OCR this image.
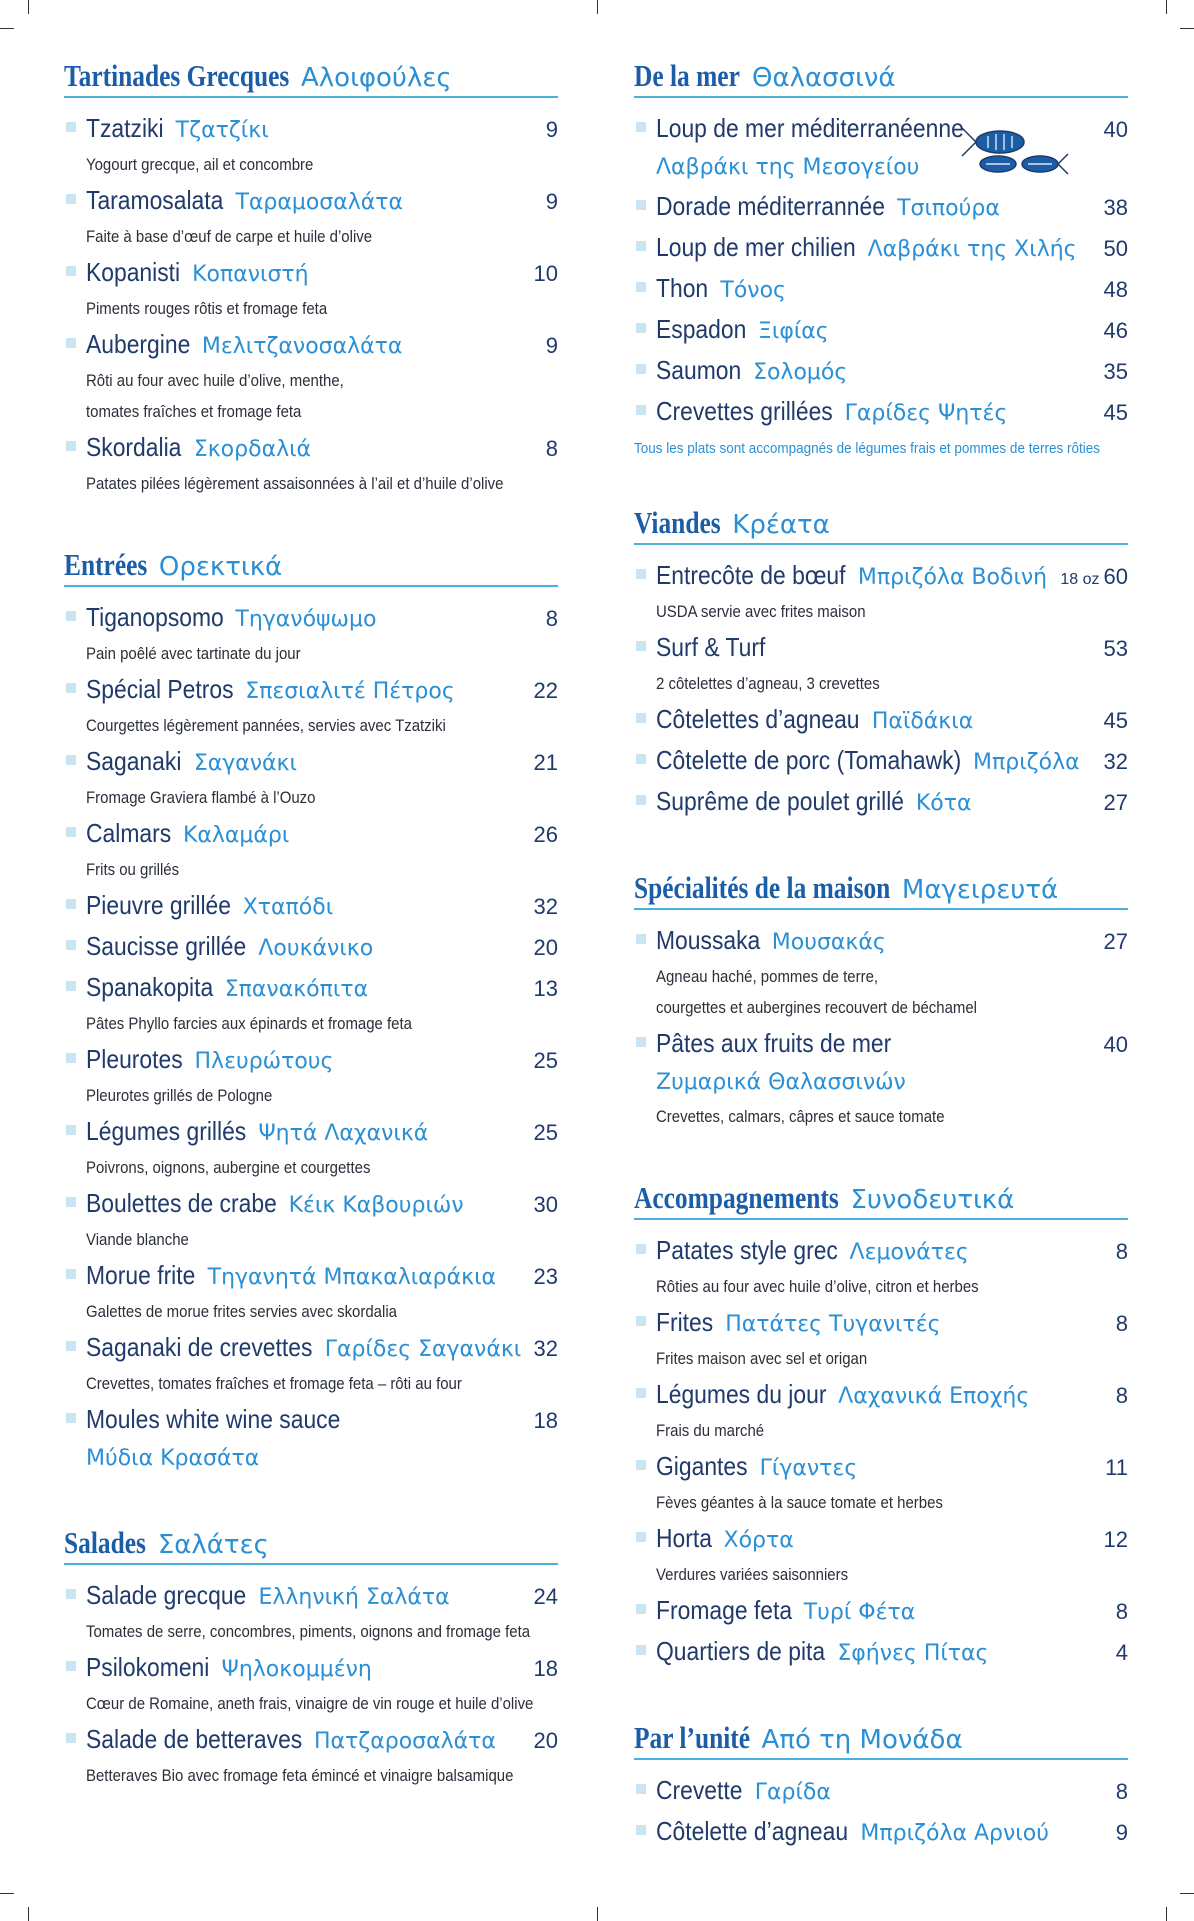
Tartinades Grecques Αλοιφούλες
Tzatziki Τζατζίκι	9
Yogourt grecque, ail et concombre
Taramosalata Ταραμοσαλάτα	9
Faite à base d’œuf de carpe et huile d’olive
Kopanisti Κοπανιστή	10
Piments rouges rôtis et fromage feta
Aubergine Μελιτζανοσαλάτα	9
Rôti au four avec huile d’olive, menthe,
tomates fraîches et fromage feta
Skordalia Σκορδαλιά	8
Patates pilées légèrement assaisonnées à l’ail et d’huile d’olive
Entrées Ορεκτικά
Tiganopsomo Τηγανόψωμο	8
Pain poêlé avec tartinate du jour
Spécial Petros Σπεσιαλιτέ Πέτρος	22
Courgettes légèrement pannées, servies avec Tzatziki
Saganaki Σαγανάκι	21
Fromage Graviera flambé à l’Ouzo
Calmars Καλαμάρι	26
Frits ou grillés
Pieuvre grillée Χταπόδι	32
Saucisse grillée Λουκάνικο	20
Spanakopita Σπανακόπιτα	13
Pâtes Phyllo farcies aux épinards et fromage feta
Pleurotes Πλευρώτους	25
Pleurotes grillés de Pologne
Légumes grillés Ψητά Λαχανικά	25
Poivrons, oignons, aubergine et courgettes
Boulettes de crabe Κέικ Καβουριών	30
Viande blanche
Morue frite Τηγανητά Μπακαλιαράκια 23
Galettes de morue frites servies avec skordalia
Saganaki de crevettes Γαρίδες Σαγανάκι 32
Crevettes, tomates fraîches et fromage feta – rôti au four
Moules white wine sauce	18
Μύδια Κρασάτα
Salades Σαλάτες
Salade grecque Ελληνική Σαλάτα	24
Tomates de serre, concombres, piments, oignons and fromage feta
Psilokomeni Ψηλοκομμένη	18
Cœur de Romaine, aneth frais, vinaigre de vin rouge et huile d’olive
Salade de betteraves Πατζαροσαλάτα 20
Betteraves Bio avec fromage feta émincé et vinaigre balsamique
De la mer Θαλασσινά
Loup de mer méditerranéenne	40
Λαβράκι της Μεσογείου
Dorade méditerrannée Τσιπούρα	38
Loup de mer chilien Λαβράκι της Χιλής 50
Thon Τόνος	48
Espadon Ξιφίας	46
Saumon Σολομός	35
Crevettes grillées Γαρίδες Ψητές	45
Tous les plats sont accompagnés de légumes frais et pommes de terres rôties
Viandes Κρέατα
Entrecôte de bœuf Μπριζόλα Βοδινή 18 oz 60
USDA servie avec frites maison
Surf & Turf	53
2 côtelettes d’agneau, 3 crevettes
Côtelettes d’agneau Παϊδάκια	45
Côtelette de porc (Tomahawk) Μπριζόλα 32
Suprême de poulet grillé Κότα	27
Spécialités de la maison Μαγειρευτά
Moussaka Μουσακάς	27
Agneau haché, pommes de terre,
courgettes et aubergines recouvert de béchamel
Pâtes aux fruits de mer	40
Ζυμαρικά Θαλασσινών
Crevettes, calmars, câpres et sauce tomate
Accompagnements Συνοδευτικά
Patates style grec Λεμονάτες	8
Rôties au four avec huile d’olive, citron et herbes
Frites Πατάτες Τυγανιτές	8
Frites maison avec sel et origan
Légumes du jour Λαχανικά Εποχής	8
Frais du marché
Gigantes Γίγαντες	11
Fèves géantes à la sauce tomate et herbes
Horta Χόρτα	12
Verdures variées saisonniers
Fromage feta Τυρί Φέτα	8
Quartiers de pita Σφήνες Πίτας	4
Par l’unité Από τη Μονάδα
Crevette Γαρίδα	8
Côtelette d’agneau Μπριζόλα Αρνιού	9
